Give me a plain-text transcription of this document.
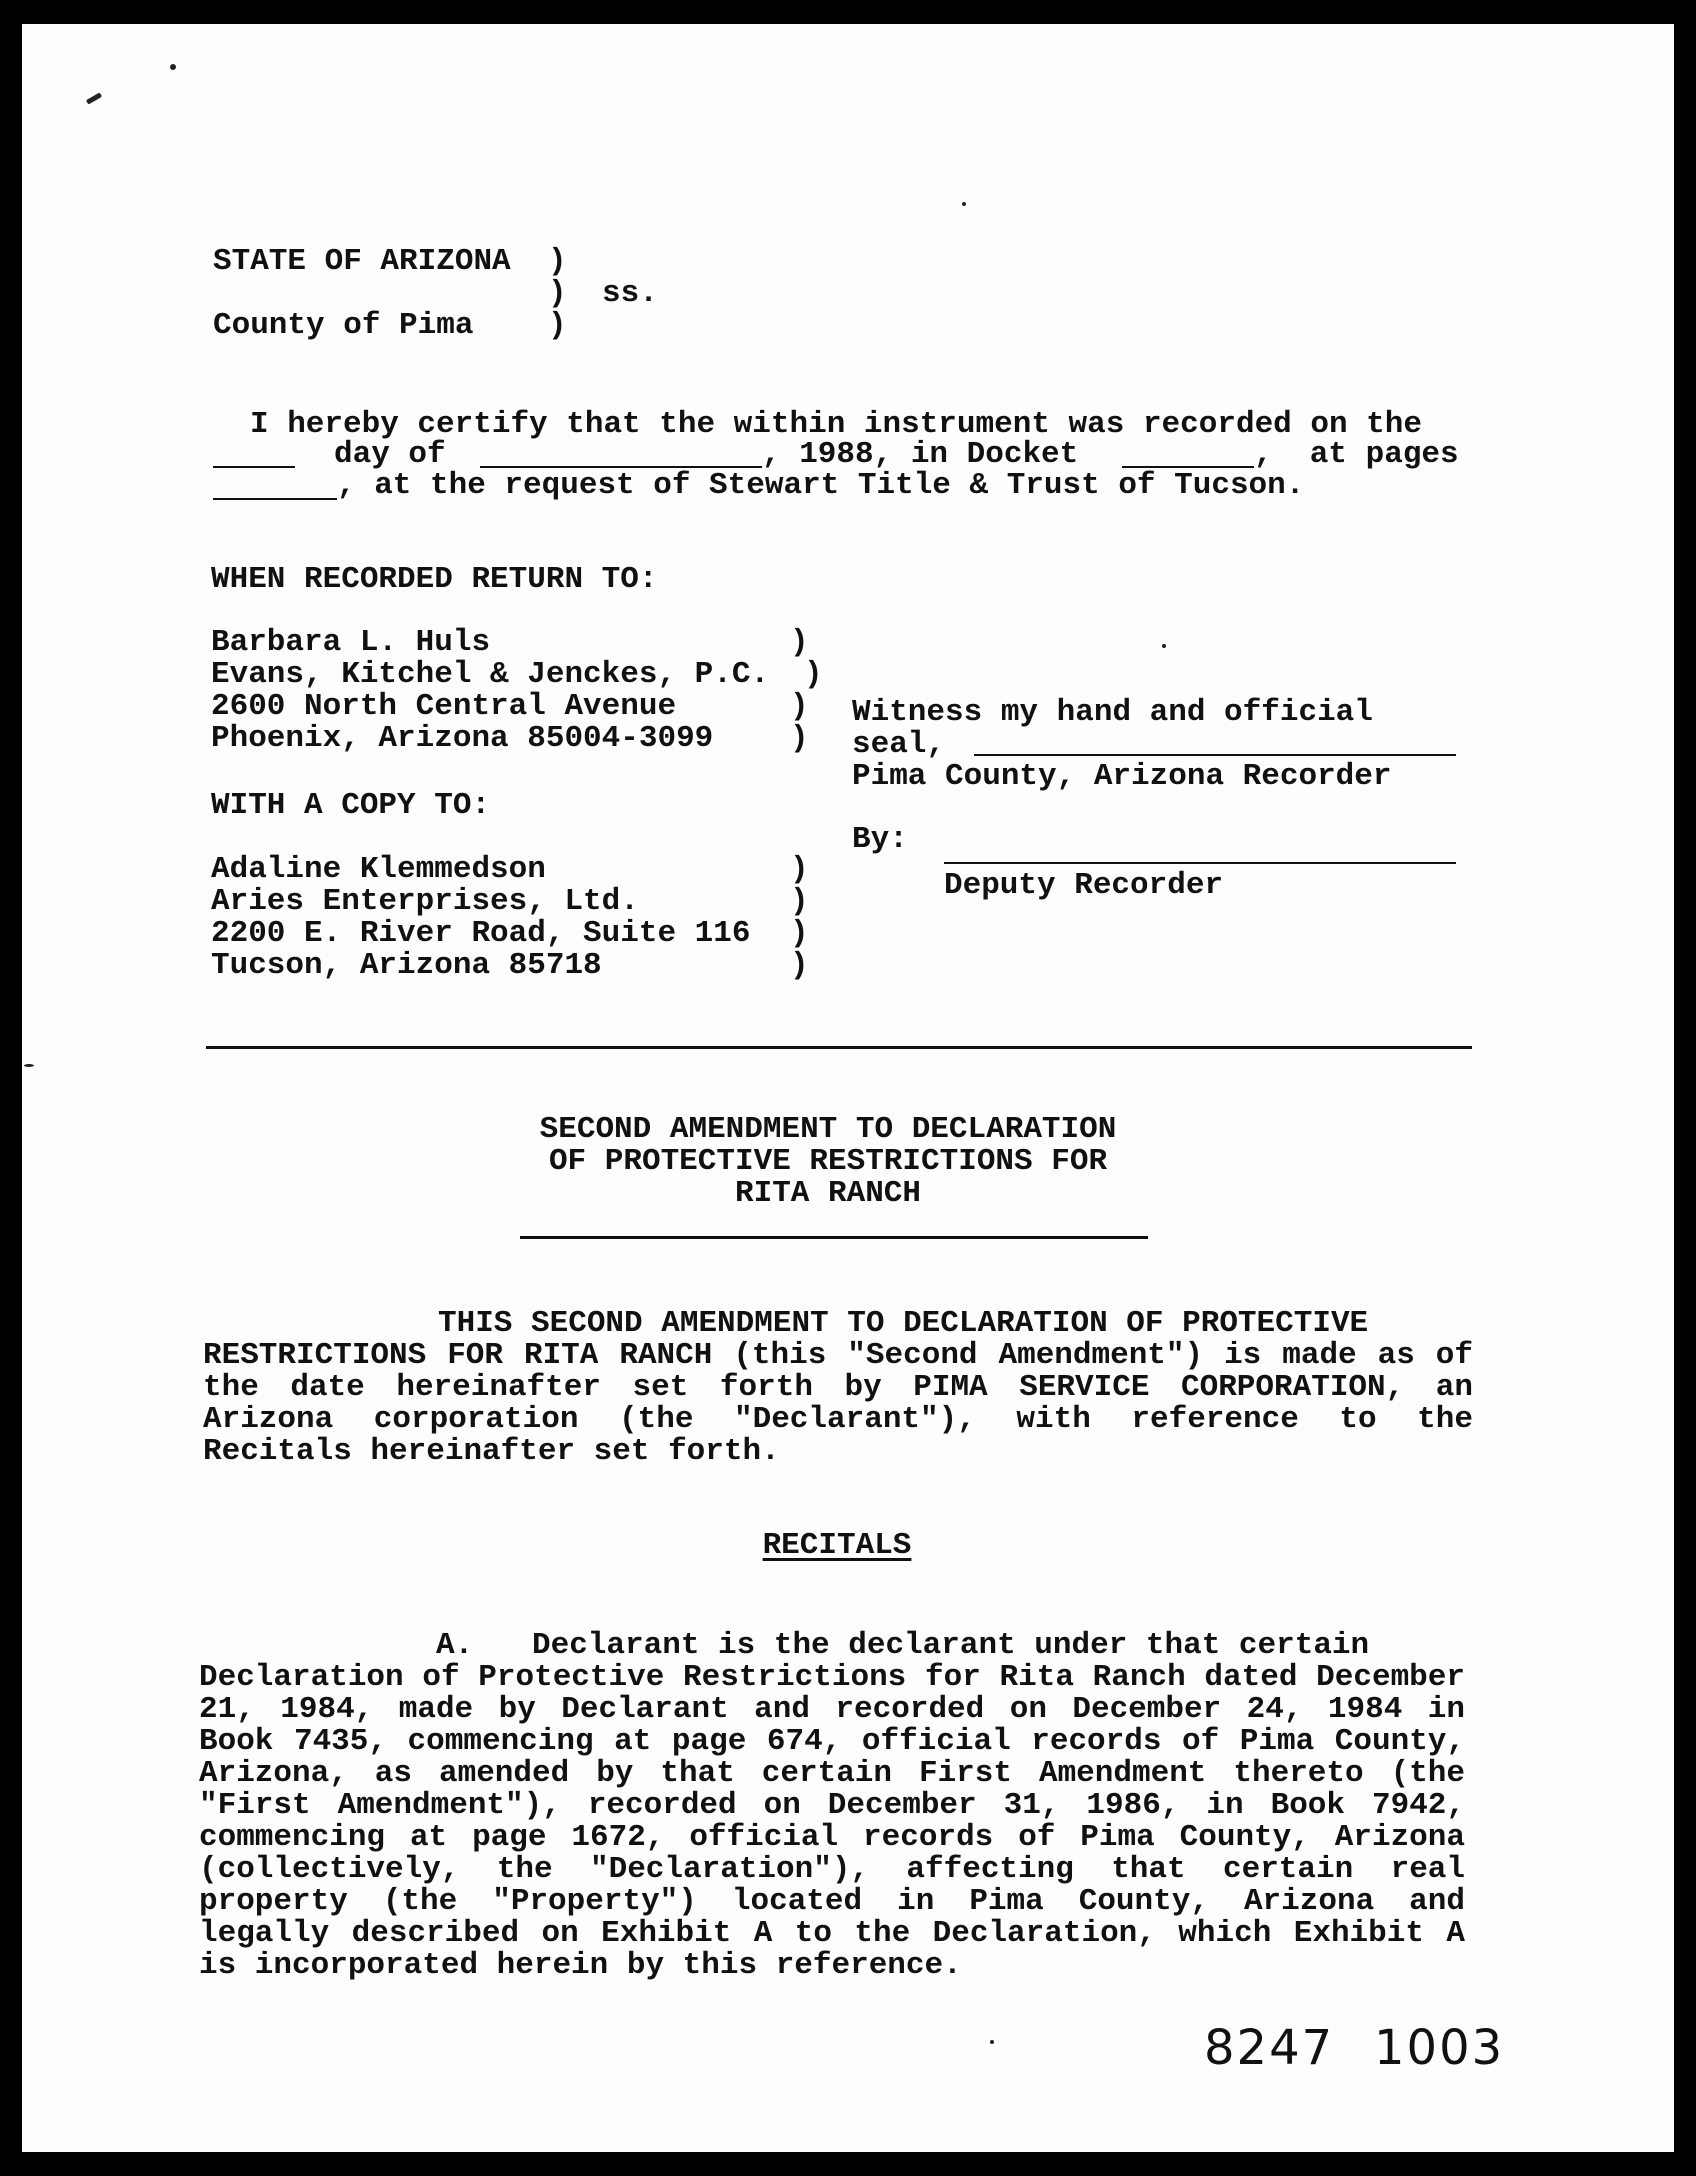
STATE OF ARIZONA )
) ss.
County of Pima )
I hereby certify that the within instrument was recorded on the
day of	, 1988, in Docket	,  at pages
, at the request of Stewart Title & Trust of Tucson.
WHEN RECORDED RETURN TO:
Barbara L. Huls
Evans, Kitchel & Jenckes, P.C.
2600 North Central Avenue
Phoenix, Arizona 85004-3099
)
)
)
)
WITH A COPY TO:
Adaline Klemmedson
Aries Enterprises, Ltd.
2200 E. River Road, Suite 116
Tucson, Arizona 85718
)
)
)
)
Witness my hand and official
seal,
Pima County, Arizona Recorder
By:
Deputy Recorder
SECOND AMENDMENT TO DECLARATION
OF PROTECTIVE RESTRICTIONS FOR
RITA RANCH
THIS SECOND AMENDMENT TO DECLARATION OF PROTECTIVE
RESTRICTIONS FOR RITA RANCH (this "Second Amendment") is made as of the date hereinafter set forth by PIMA SERVICE CORPORATION, an Arizona corporation (the "Declarant"), with reference to the Recitals hereinafter set forth.
RECITALS
A. Declarant is the declarant under that certain
Declaration of Protective Restrictions for Rita Ranch dated December 21, 1984, made by Declarant and recorded on December 24, 1984 in Book 7435, commencing at page 674, official records of Pima County, Arizona, as amended by that certain First Amendment thereto (the "First Amendment"), recorded on December 31, 1986, in Book 7942, commencing at page 1672, official records of Pima County, Arizona (collectively, the "Declaration"), affecting that certain real property (the "Property") located in Pima County, Arizona and legally described on Exhibit A to the Declaration, which Exhibit A is incorporated herein by this reference.
8247 1003
